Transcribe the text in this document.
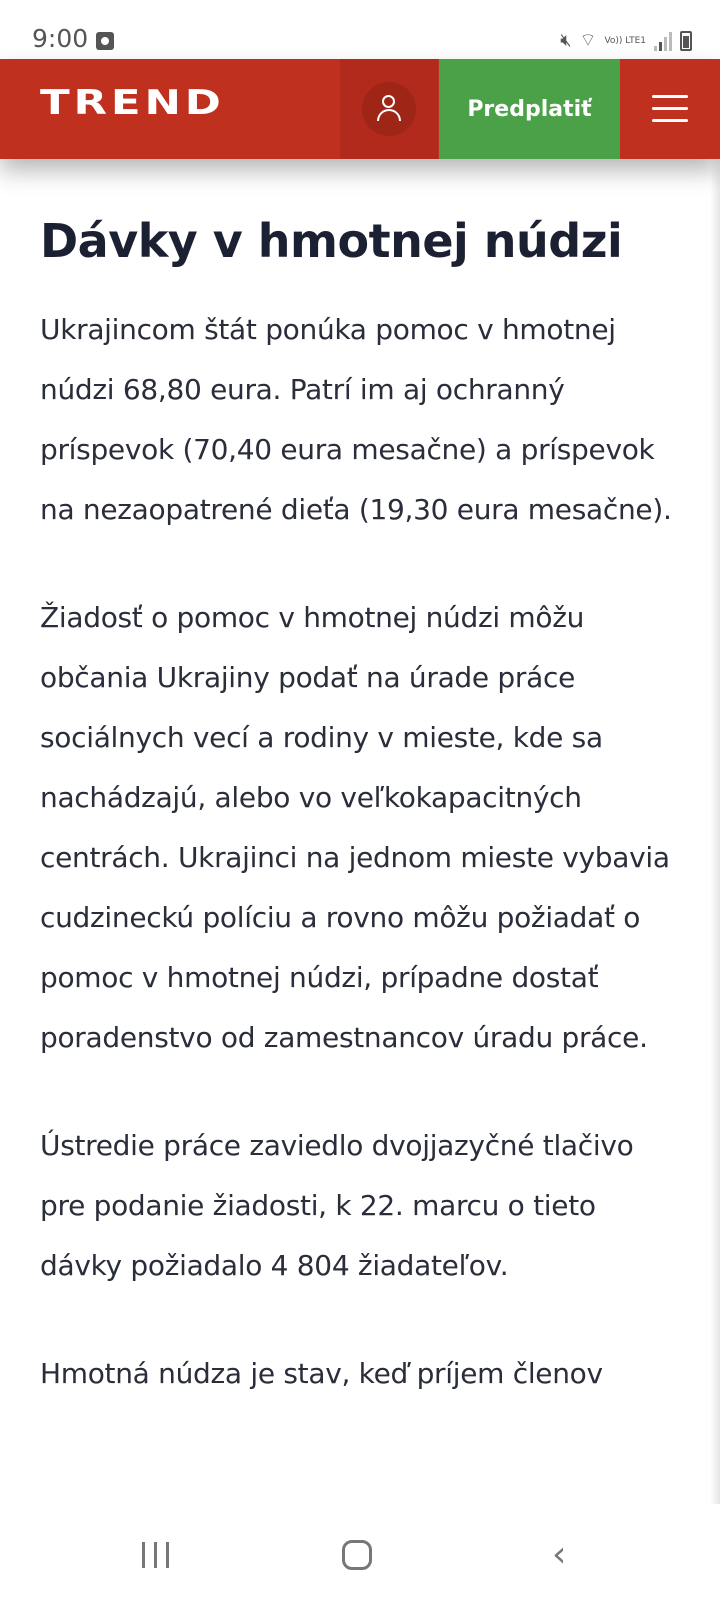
9:00	🔇︎ ⌔ Vo)) LTE1
TREND	Predplatiť
Dávky v hmotnej núdzi

Ukrajincom štát ponúka pomoc v hmotnej núdzi 68,80 eura. Patrí im aj ochranný príspevok (70,40 eura mesačne) a príspevok na nezaopatrené dieťa (19,30 eura mesačne).

Žiadosť o pomoc v hmotnej núdzi môžu občania Ukrajiny podať na úrade práce sociálnych vecí a rodiny v mieste, kde sa nachádzajú, alebo vo veľkokapacitných centrách. Ukrajinci na jednom mieste vybavia cudzineckú políciu a rovno môžu požiadať o pomoc v hmotnej núdzi, prípadne dostať poradenstvo od zamestnancov úradu práce.

Ústredie práce zaviedlo dvojjazyčné tlačivo pre podanie žiadosti, k 22. marcu o tieto dávky požiadalo 4 804 žiadateľov.

Hmotná núdza je stav, keď príjem členov

‹
